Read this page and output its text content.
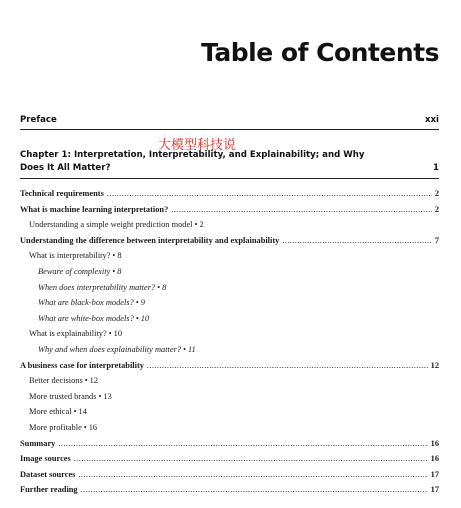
Table of Contents
Preface	xxi
大模型科技说
Chapter 1: Interpretation, Interpretability, and Explainability; and Why Does It All Matter?	1
Technical requirements .....	2
What is machine learning interpretation? .....	2
Understanding a simple weight prediction model • 2
Understanding the difference between interpretability and explainability .....	7
What is interpretability? • 8
Beware of complexity • 8
When does interpretability matter? • 8
What are black-box models? • 9
What are white-box models? • 10
What is explainability? • 10
Why and when does explainability matter? • 11
A business case for interpretability .....	12
Better decisions • 12
More trusted brands • 13
More ethical • 14
More profitable • 16
Summary .....	16
Image sources .....	16
Dataset sources .....	17
Further reading .....	17
